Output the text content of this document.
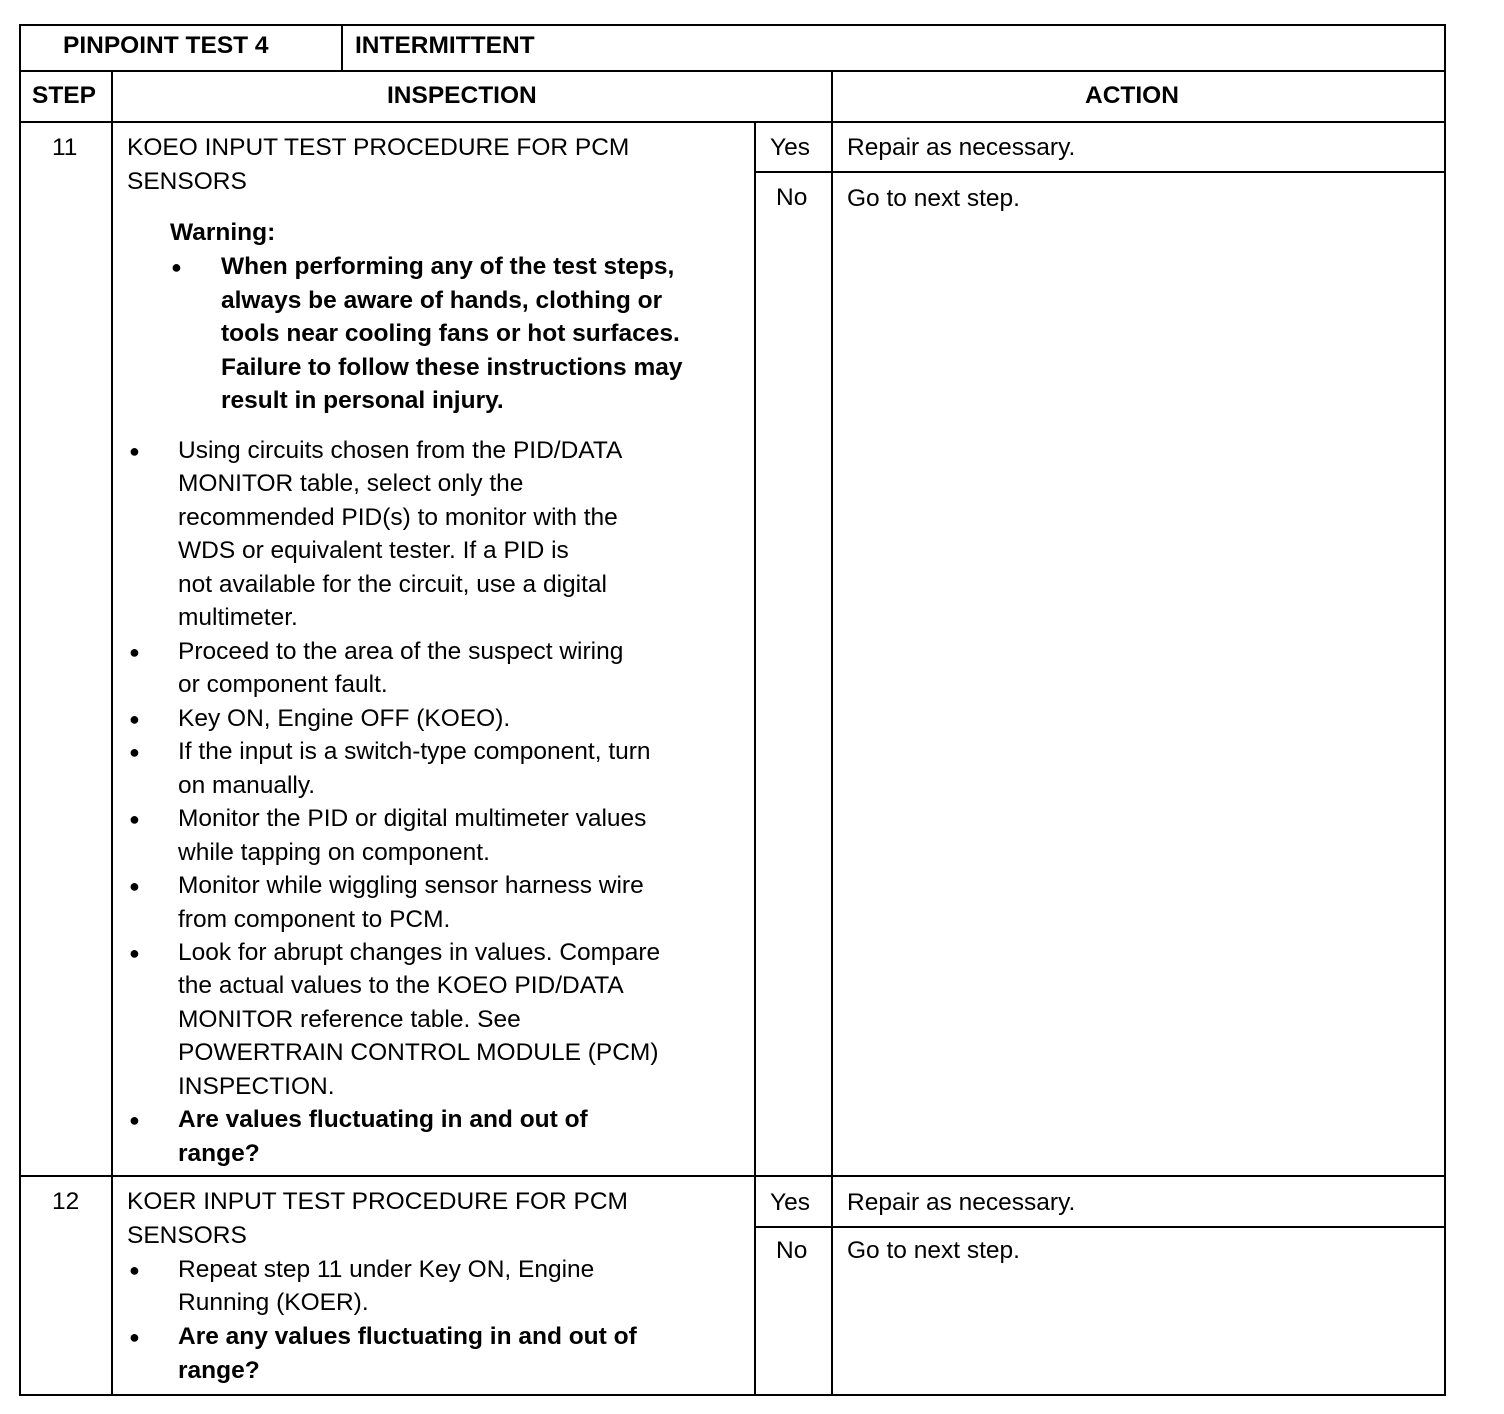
PINPOINT TEST 4	INTERMITTENT
STEP	INSPECTION	ACTION
11 KOEO INPUT TEST PROCEDURE FOR PCM
SENSORS
Warning:
● When performing any of the test steps,
always be aware of hands, clothing or
tools near cooling fans or hot surfaces.
Failure to follow these instructions may
result in personal injury.
● Using circuits chosen from the PID/DATA
MONITOR table, select only the
recommended PID(s) to monitor with the
WDS or equivalent tester. If a PID is
not available for the circuit, use a digital
multimeter.
● Proceed to the area of the suspect wiring
or component fault.
● Key ON, Engine OFF (KOEO).
● If the input is a switch-type component, turn
on manually.
● Monitor the PID or digital multimeter values
while tapping on component.
● Monitor while wiggling sensor harness wire
from component to PCM.
● Look for abrupt changes in values. Compare
the actual values to the KOEO PID/DATA
MONITOR reference table. See
POWERTRAIN CONTROL MODULE (PCM)
INSPECTION.
● Are values fluctuating in and out of
range?
Yes Repair as necessary.
No Go to next step.
12 KOER INPUT TEST PROCEDURE FOR PCM
SENSORS
● Repeat step 11 under Key ON, Engine
Running (KOER).
● Are any values fluctuating in and out of
range?
Yes Repair as necessary.
No Go to next step.
